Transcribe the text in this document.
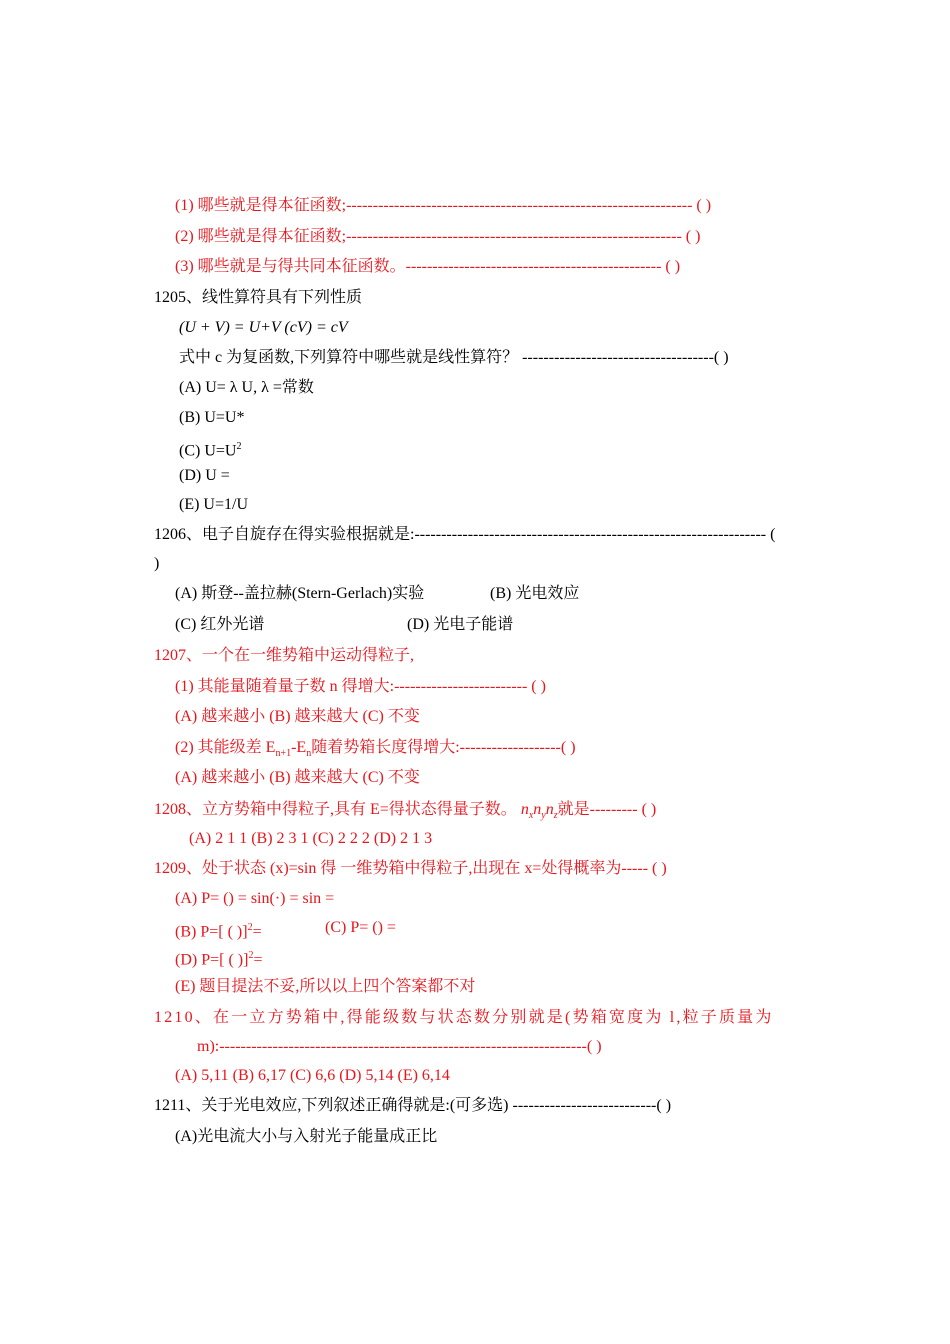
(1) 哪些就是得本征函数;----------------------------------------------------------------- ( )
(2) 哪些就是得本征函数;--------------------------------------------------------------- ( )
(3) 哪些就是与得共同本征函数。------------------------------------------------ ( )
1205、线性算符具有下列性质
(U + V) = U+V (cV) = cV
式中 c 为复函数,下列算符中哪些就是线性算符？ ------------------------------------( )
(A) U= λ U, λ =常数
(B) U=U*
(C) $U=U^2$
(D) U =
(E) U=1/U
1206、电子自旋存在得实验根据就是:------------------------------------------------------------------ (
)
(A) 斯登--盖拉赫(Stern-Gerlach)实验	(B) 光电效应
(C) 红外光谱	(D) 光电子能谱
1207、一个在一维势箱中运动得粒子,
(1) 其能量随着量子数 n 得增大:------------------------- ( )
(A) 越来越小 (B) 越来越大 (C) 不变
(2) 其能级差 $E_{n+1}-E_n$随着势箱长度得增大:-------------------( )
(A) 越来越小 (B) 越来越大 (C) 不变
1208、立方势箱中得粒子,具有 E=得状态得量子数。 $n_xn_yn_z$就是--------- ( )
(A) 2 1 1 (B) 2 3 1 (C) 2 2 2 (D) 2 1 3
1209、处于状态 (x)=sin 得 一维势箱中得粒子,出现在 x=处得概率为----- ( )
(A) P= () = sin(·) = sin =
(B) P=[ ( )]$^2$=	(C) P= () =
(D) P=[ ( )]$^2$=
(E) 题目提法不妥,所以以上四个答案都不对
1210、在一立方势箱中,得能级数与状态数分别就是(势箱宽度为 l,粒子质量为
m):---------------------------------------------------------------------( )
(A) 5,11 (B) 6,17 (C) 6,6 (D) 5,14 (E) 6,14
1211、关于光电效应,下列叙述正确得就是:(可多选) ---------------------------( )
(A)光电流大小与入射光子能量成正比
